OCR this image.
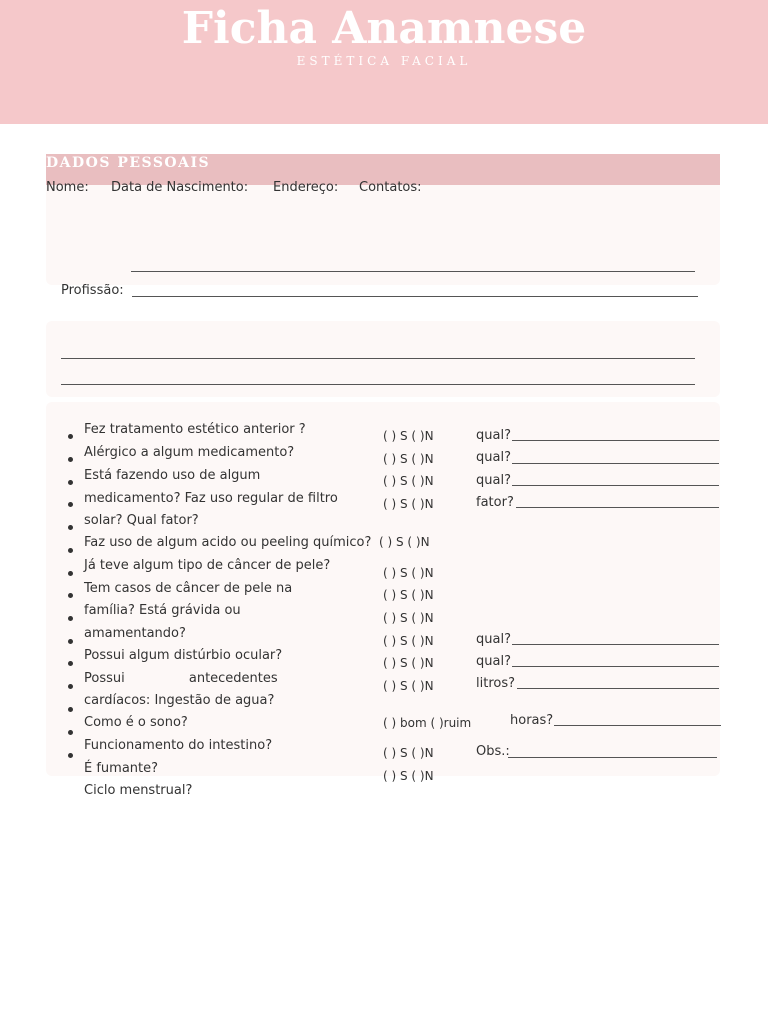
Ficha Anamnese
ESTÉTICA FACIAL
DADOS PESSOAIS
Nome: Data de Nascimento: Endereço: Contatos:
Profissão:
Fez tratamento estético anterior ?
Alérgico a algum medicamento?
Está fazendo uso de algum
medicamento? Faz uso regular de filtro
solar? Qual fator?
Faz uso de algum acido ou peeling químico?
Já teve algum tipo de câncer de pele?
Tem casos de câncer de pele na
família? Está grávida ou
amamentando?
Possui algum distúrbio ocular?
Possui antecedentes
cardíacos: Ingestão de agua?
Como é o sono?
Funcionamento do intestino?
É fumante?
Ciclo menstrual?
( ) S ( )N
( ) S ( )N
( ) S ( )N
( ) S ( )N
( ) S ( )N
( ) S ( )N
( ) S ( )N
( ) S ( )N
( ) S ( )N
( ) S ( )N
( ) S ( )N
( ) bom ( )ruim
( ) S ( )N
( ) S ( )N
qual?
qual?
qual?
fator?
qual?
qual?
litros?
horas?
Obs.:
